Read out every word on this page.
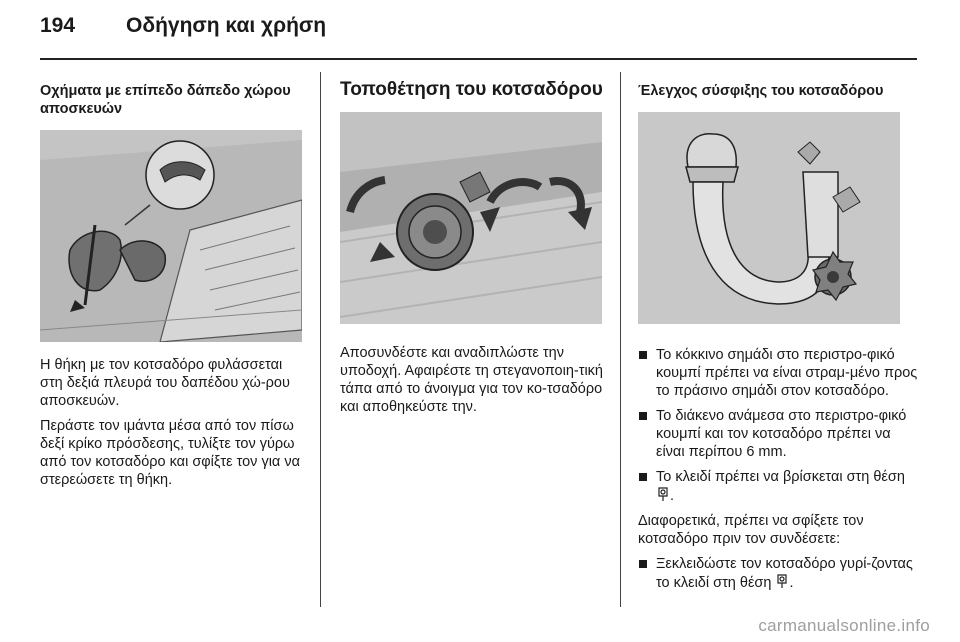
194 Οδήγηση και χρήση

Οχήματα με επίπεδο δάπεδο χώρου αποσκευών

Η θήκη με τον κοτσαδόρο φυλάσσεται στη δεξιά πλευρά του δαπέδου χώ-ρου αποσκευών.

Περάστε τον ιμάντα μέσα από τον πίσω δεξί κρίκο πρόσδεσης, τυλίξτε τον γύρω από τον κοτσαδόρο και σφίξτε τον για να στερεώσετε τη θήκη.

Τοποθέτηση του κοτσαδόρου

Αποσυνδέστε και αναδιπλώστε την υποδοχή. Αφαιρέστε τη στεγανοποιη-τική τάπα από το άνοιγμα για τον κο-τσαδόρο και αποθηκεύστε την.

Έλεγχος σύσφιξης του κοτσαδόρου

Το κόκκινο σημάδι στο περιστρο-φικό κουμπί πρέπει να είναι στραμ-μένο προς το πράσινο σημάδι στον κοτσαδόρο.
Το διάκενο ανάμεσα στο περιστρο-φικό κουμπί και τον κοτσαδόρο πρέπει να είναι περίπου 6 mm.
Το κλειδί πρέπει να βρίσκεται στη θέση .

Διαφορετικά, πρέπει να σφίξετε τον κοτσαδόρο πριν τον συνδέσετε:

Ξεκλειδώστε τον κοτσαδόρο γυρί-ζοντας το κλειδί στη θέση .
carmanualsonline.info
